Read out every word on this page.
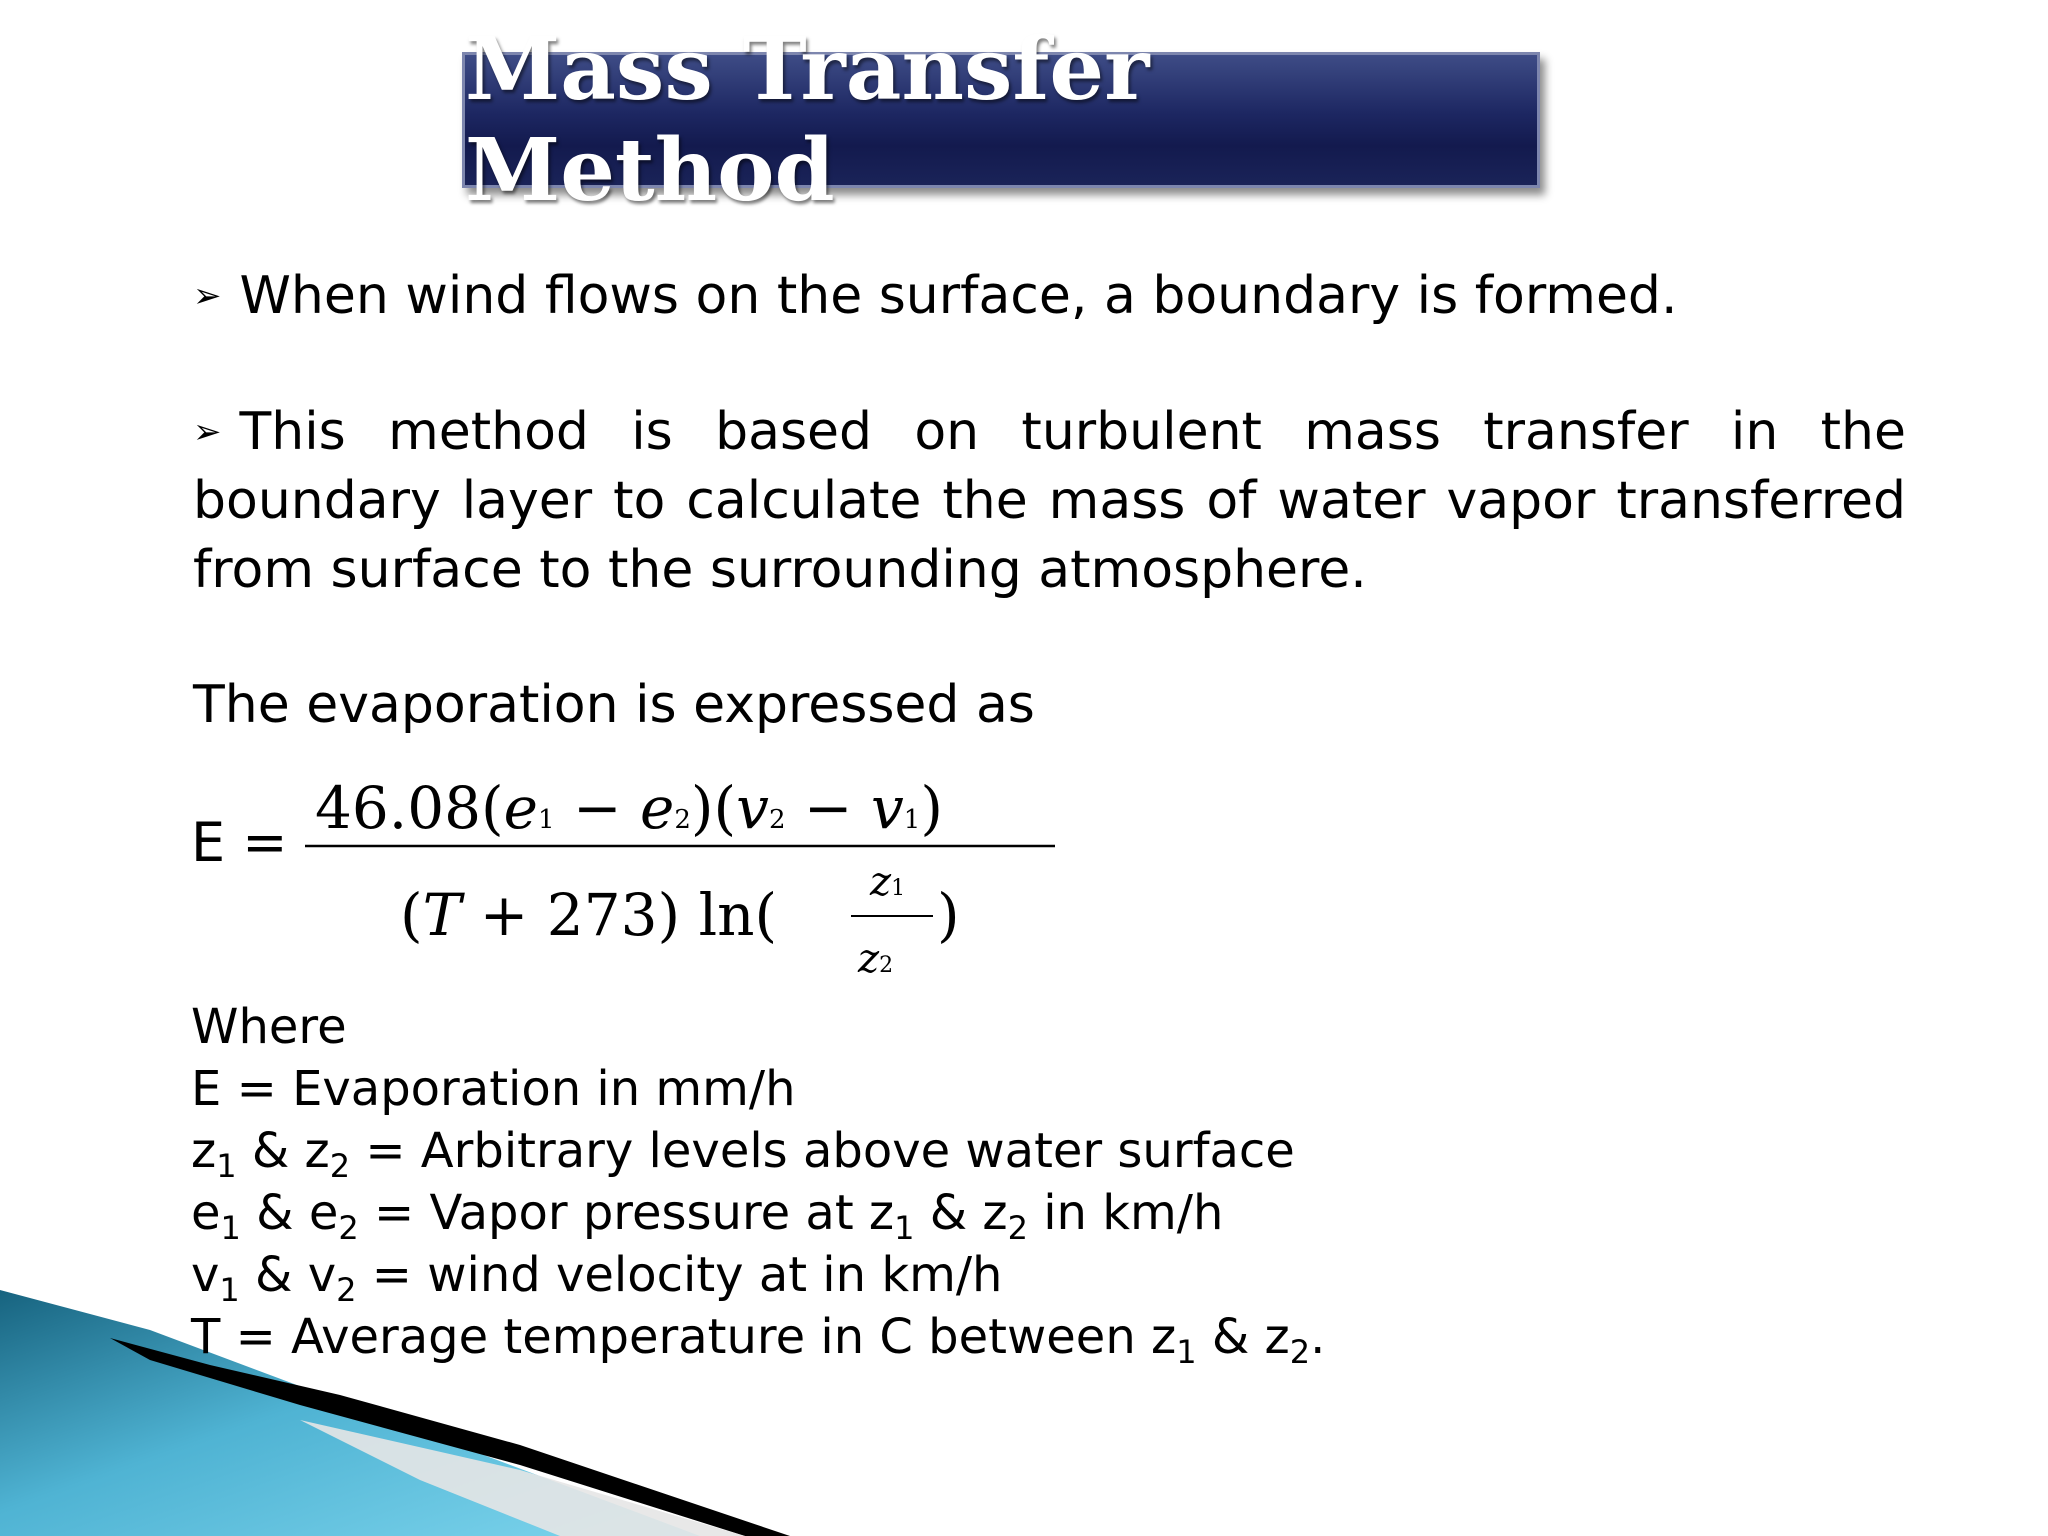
Mass Transfer Method
➢ When wind flows on the surface, a boundary is formed.
➢ This method is based on turbulent mass transfer in the boundary layer to calculate the mass of water vapor transferred from surface to the surrounding atmosphere.
The evaporation is expressed as
E =
46.08(e1 − e2)(v2 − v1)
(T + 273) ln( z1
z2
)
Where
E = Evaporation in mm/h
$z_1$ & $z_2$ = Arbitrary levels above water surface
$e_1$ & $e_2$ = Vapor pressure at $z_1$ & $z_2$ in km/h
$v_1$ & $v_2$ = wind velocity at in km/h
T = Average temperature in C between $z_1$ & $z_2$.
